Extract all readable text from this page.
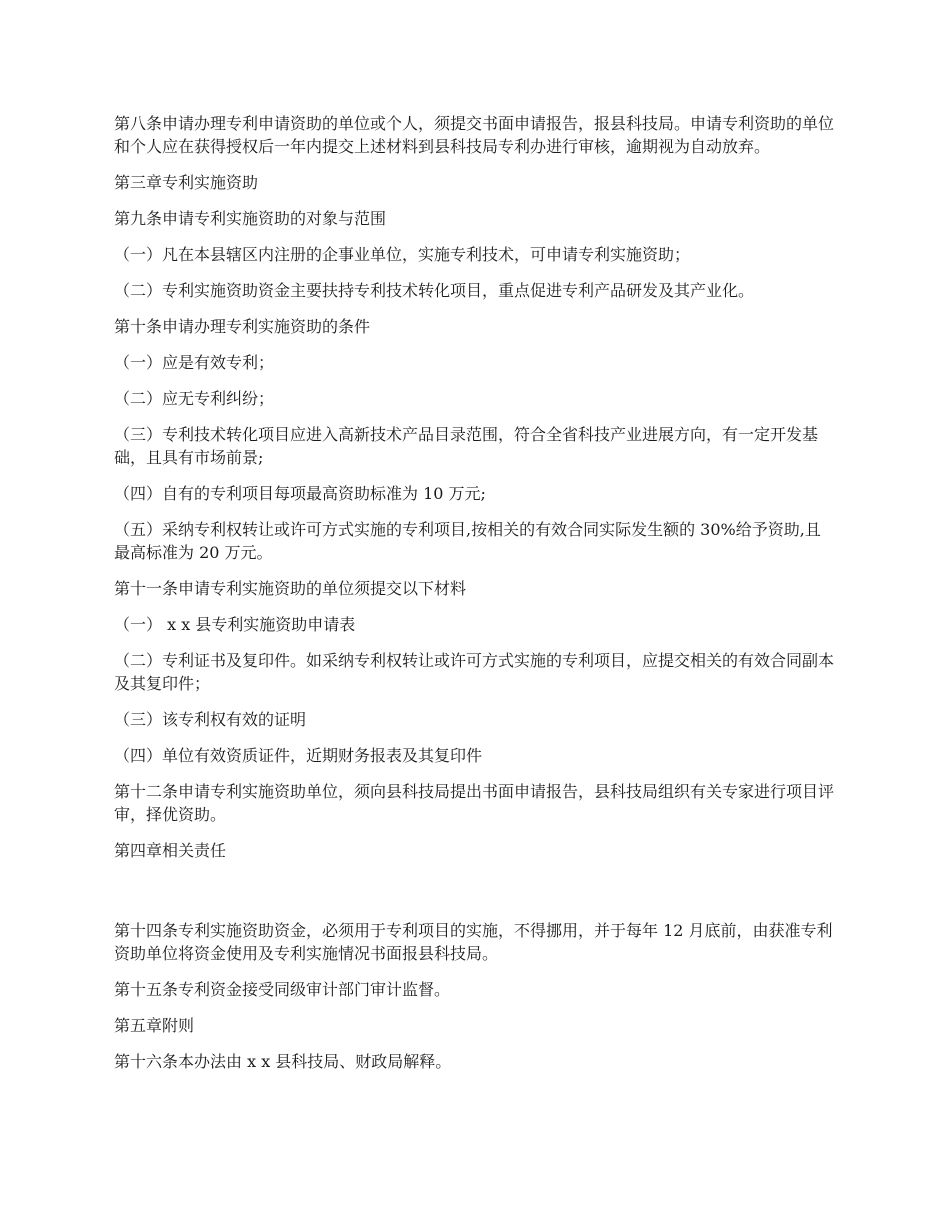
第八条申请办理专利申请资助的单位或个人，须提交书面申请报告，报县科技局。申请专利资助的单位和个人应在获得授权后一年内提交上述材料到县科技局专利办进行审核，逾期视为自动放弃。

第三章专利实施资助

第九条申请专利实施资助的对象与范围

（一）凡在本县辖区内注册的企事业单位，实施专利技术，可申请专利实施资助；

（二）专利实施资助资金主要扶持专利技术转化项目，重点促进专利产品研发及其产业化。

第十条申请办理专利实施资助的条件

（一）应是有效专利；

（二）应无专利纠纷；

（三）专利技术转化项目应进入高新技术产品目录范围，符合全省科技产业进展方向，有一定开发基础，且具有市场前景;

（四）自有的专利项目每项最高资助标准为 10 万元;

（五）采纳专利权转让或许可方式实施的专利项目,按相关的有效合同实际发生额的 30%给予资助,且最高标准为 20 万元。

第十一条申请专利实施资助的单位须提交以下材料

（一） x x 县专利实施资助申请表

（二）专利证书及复印件。如采纳专利权转让或许可方式实施的专利项目，应提交相关的有效合同副本及其复印件；

（三）该专利权有效的证明

（四）单位有效资质证件，近期财务报表及其复印件

第十二条申请专利实施资助单位，须向县科技局提出书面申请报告，县科技局组织有关专家进行项目评审，择优资助。

第四章相关责任

第十四条专利实施资助资金，必须用于专利项目的实施，不得挪用，并于每年 12 月底前，由获准专利资助单位将资金使用及专利实施情况书面报县科技局。

第十五条专利资金接受同级审计部门审计监督。

第五章附则

第十六条本办法由 x x 县科技局、财政局解释。
